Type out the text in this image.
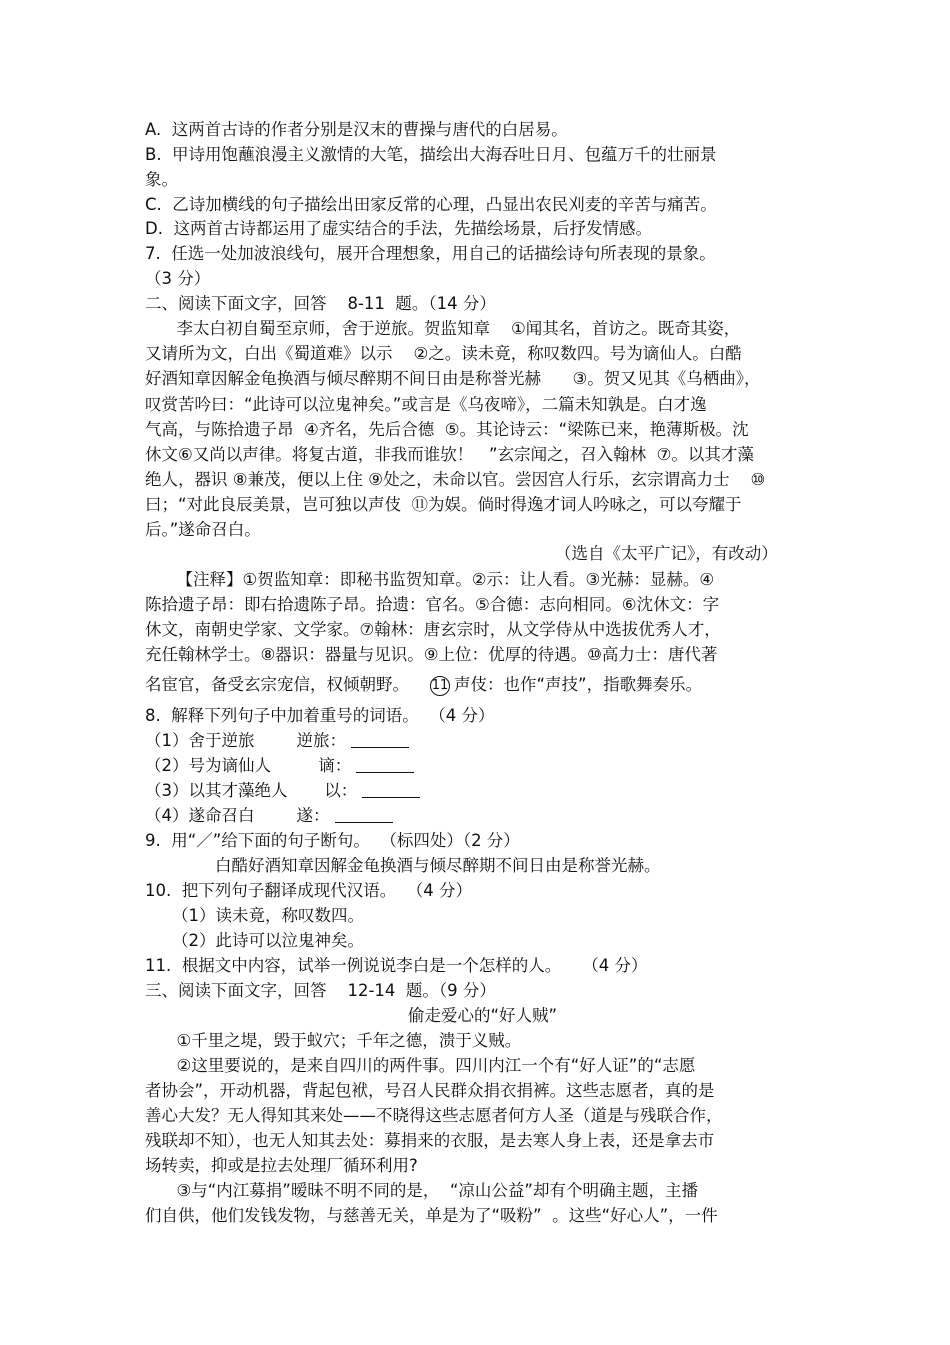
A.  这两首古诗的作者分别是汉末的曹操与唐代的白居易。
B.  甲诗用饱蘸浪漫主义激情的大笔，描绘出大海吞吐日月、包蕴万千的壮丽景
象。
C.  乙诗加横线的句子描绘出田家反常的心理，凸显出农民刈麦的辛苦与痛苦。
D.  这两首古诗都运用了虚实结合的手法，先描绘场景，后抒发情感。
7.  任选一处加波浪线句，展开合理想象，用自己的话描绘诗句所表现的景象。
（3 分）
二、阅读下面文字，回答    8-11  题。（14 分）
李太白初自蜀至京师，舍于逆旅。贺监知章    ①闻其名，首访之。既奇其姿，
又请所为文，白出《蜀道难》以示    ②之。读未竟，称叹数四。号为谪仙人。白酷
好酒知章因解金龟换酒与倾尽醉期不间日由是称誉光赫      ③。贺又见其《乌栖曲》，
叹赏苦吟曰：“此诗可以泣鬼神矣。”或言是《乌夜啼》，二篇未知孰是。白才逸
气高，与陈拾遗子昂  ④齐名，先后合德  ⑤。其论诗云：“梁陈已来，艳薄斯极。沈
休文⑥又尚以声律。将复古道，非我而谁欤！   ”玄宗闻之，召入翰林  ⑦。以其才藻
绝人，器识 ⑧兼茂，便以上住 ⑨处之，未命以官。尝因宫人行乐，玄宗谓高力士    ⑩
曰；“对此良辰美景，岂可独以声伎  ⑪为娱。倘时得逸才词人吟咏之，可以夸耀于
后。”遂命召白。
（选自《太平广记》，有改动）
【注释】①贺监知章：即秘书监贺知章。②示：让人看。③光赫：显赫。④
陈拾遗子昂：即右拾遗陈子昂。拾遗：官名。⑤合德：志向相同。⑥沈休文：字
休文，南朝史学家、文学家。⑦翰林：唐玄宗时，从文学侍从中选拔优秀人才，
充任翰林学士。⑧器识：器量与见识。⑨上位：优厚的待遇。⑩高力士：唐代著
名宦官，备受玄宗宠信，权倾朝野。 11 声伎：也作“声技”，指歌舞奏乐。
8.  解释下列句子中加着重号的词语。  （4 分）
（1）舍于逆旅	逆旅：
（2）号为谪仙人	谪：
（3）以其才藻绝人 以：
（4）遂命召白	遂：
9.  用“／”给下面的句子断句。  （标四处）（2 分）
白酷好酒知章因解金龟换酒与倾尽醉期不间日由是称誉光赫。
10.  把下列句子翻译成现代汉语。  （4 分）
（1）读未竟，称叹数四。
（2）此诗可以泣鬼神矣。
11.  根据文中内容，试举一例说说李白是一个怎样的人。    （4 分）
三、阅读下面文字，回答    12-14  题。（9 分）
偷走爱心的“好人贼”
①千里之堤，毁于蚁穴；千年之德，溃于义贼。
②这里要说的，是来自四川的两件事。四川内江一个有“好人证”的“志愿
者协会”，开动机器，背起包袱，号召人民群众捐衣捐裤。这些志愿者，真的是
善心大发？无人得知其来处——不晓得这些志愿者何方人圣（道是与残联合作，
残联却不知），也无人知其去处：募捐来的衣服，是去寒人身上表，还是拿去市
场转卖，抑或是拉去处理厂循环利用?
③与“内江募捐”暧昧不明不同的是，  “凉山公益”却有个明确主题，主播
们自供，他们发钱发物，与慈善无关，单是为了“吸粉”  。这些“好心人”，一件
